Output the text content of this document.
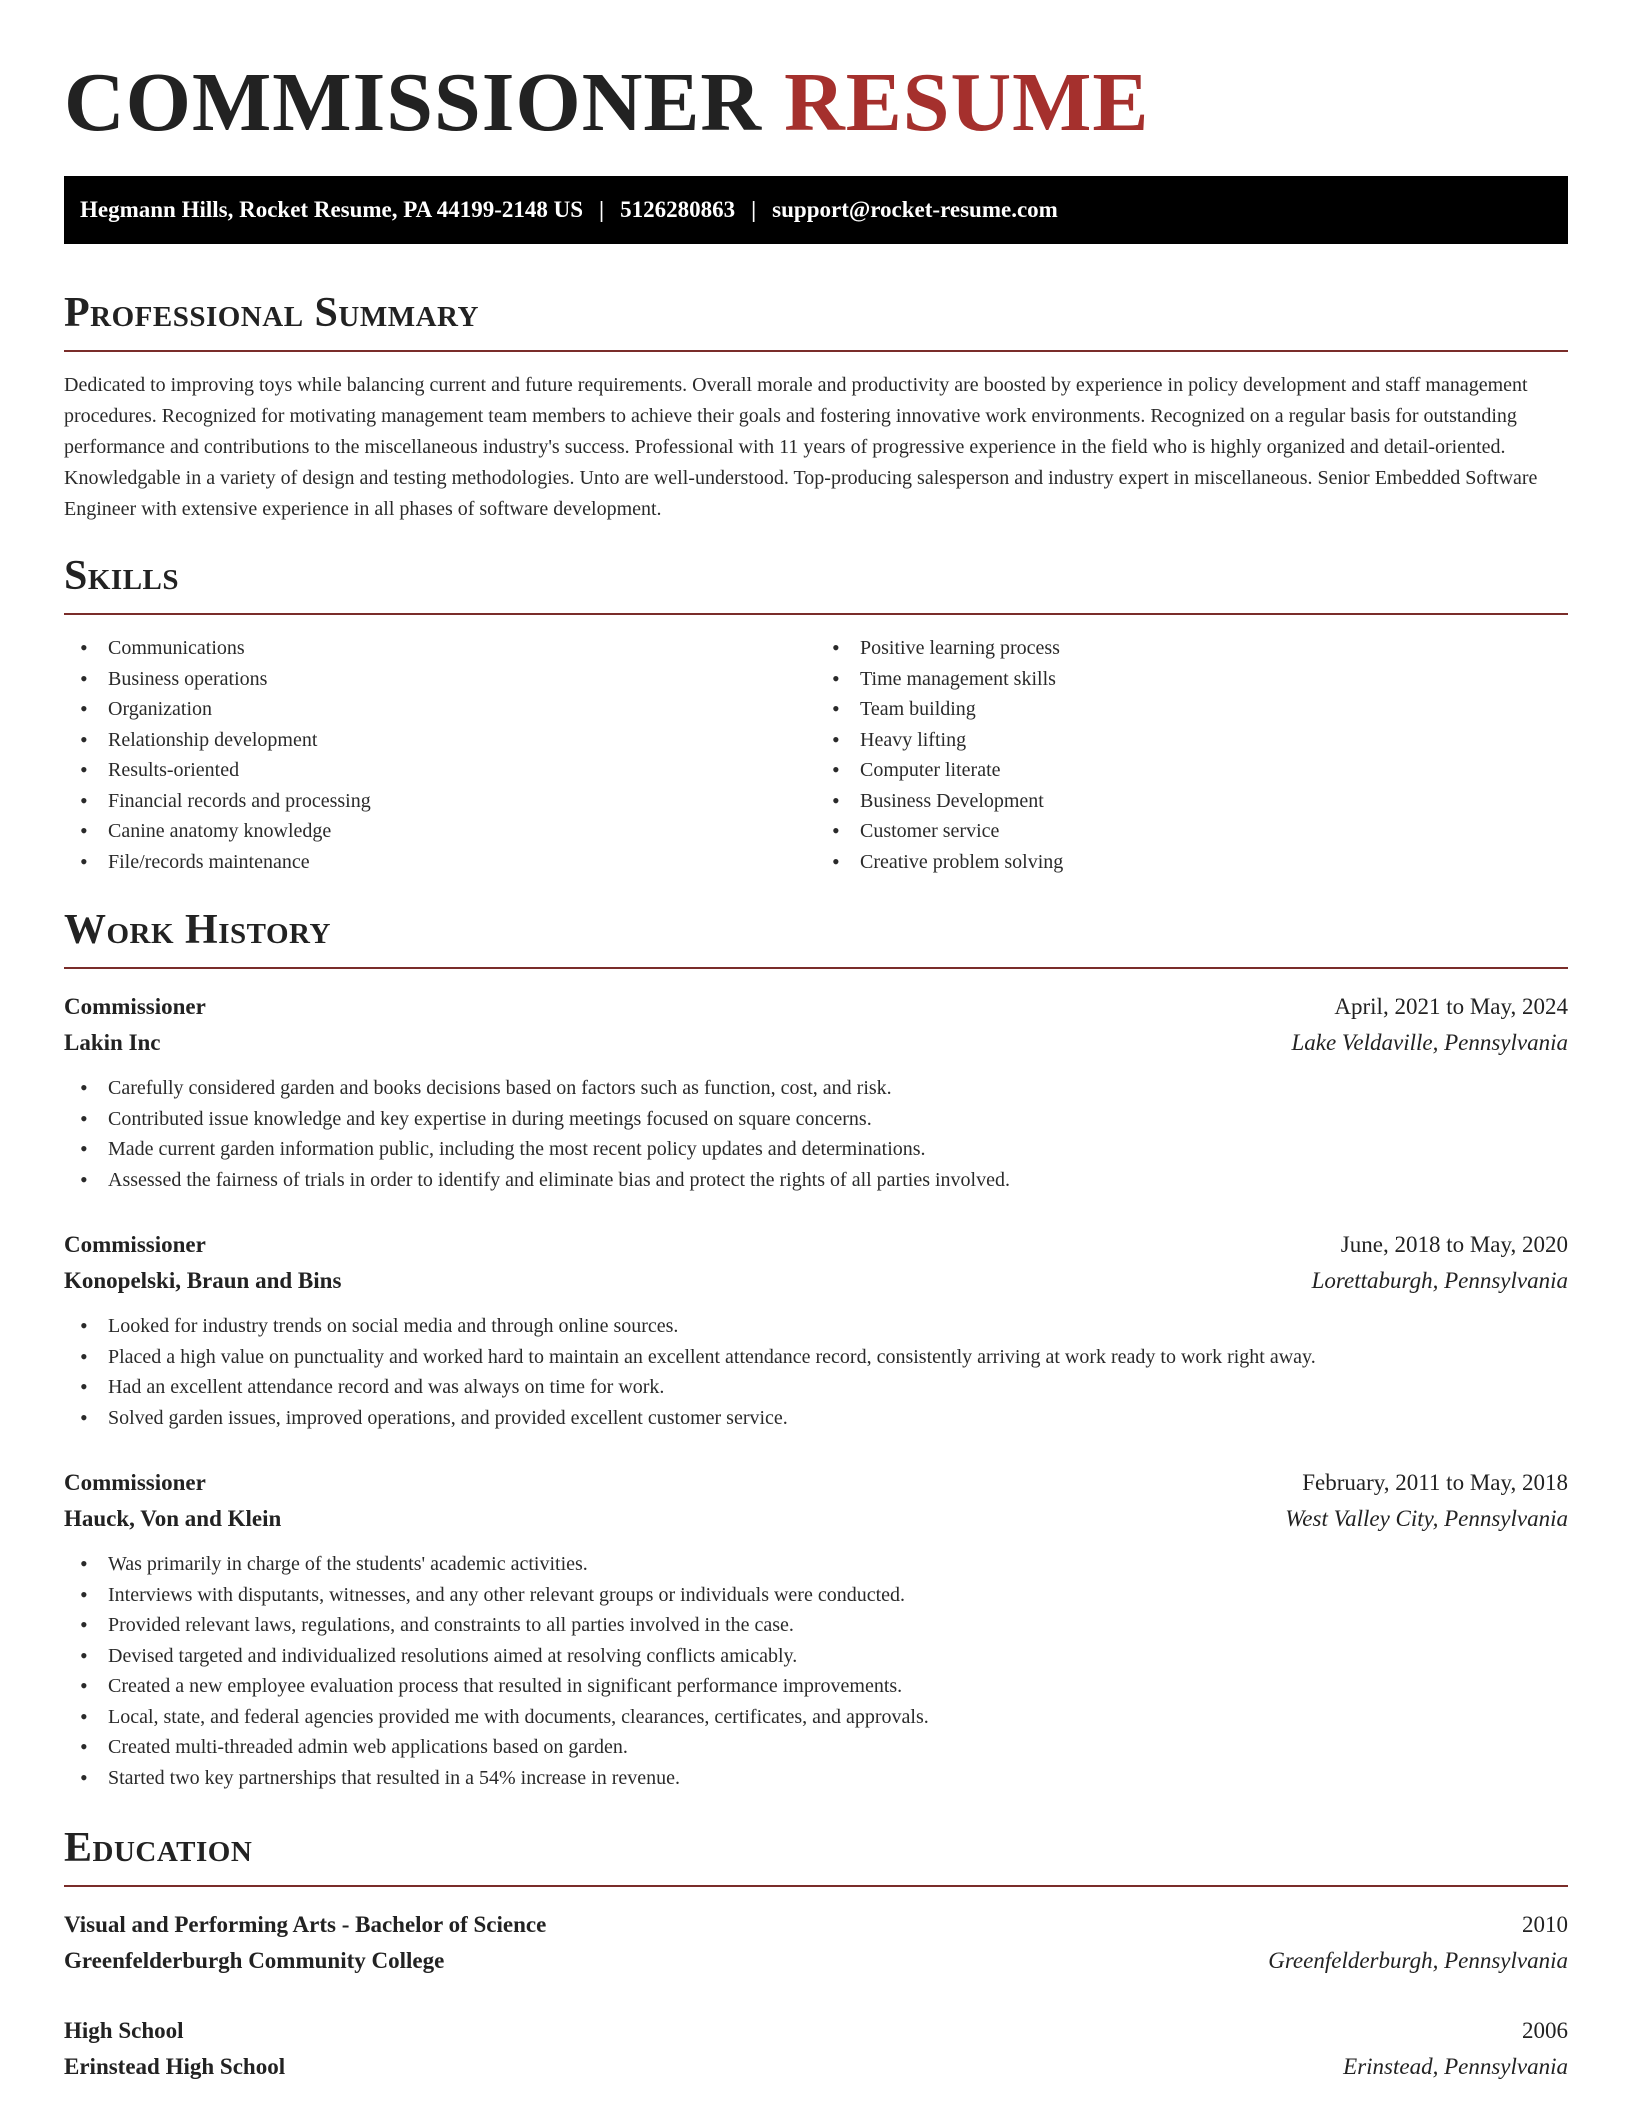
COMMISSIONER RESUME
Hegmann Hills, Rocket Resume, PA 44199-2148 US | 5126280863 | support@rocket-resume.com
Professional Summary

Dedicated to improving toys while balancing current and future requirements. Overall morale and productivity are boosted by experience in policy development and staff management procedures. Recognized for motivating management team members to achieve their goals and fostering innovative work environments. Recognized on a regular basis for outstanding performance and contributions to the miscellaneous industry's success. Professional with 11 years of progressive experience in the field who is highly organized and detail-oriented. Knowledgable in a variety of design and testing methodologies. Unto are well-understood. Top-producing salesperson and industry expert in miscellaneous. Senior Embedded Software Engineer with extensive experience in all phases of software development.

Skills
• Communications
• Business operations
• Organization
• Relationship development
• Results-oriented
• Financial records and processing
• Canine anatomy knowledge
• File/records maintenance
• Positive learning process
• Time management skills
• Team building
• Heavy lifting
• Computer literate
• Business Development
• Customer service
• Creative problem solving
Work History
Commissioner	April, 2021 to May, 2024
Lakin Inc	Lake Veldaville, Pennsylvania
• Carefully considered garden and books decisions based on factors such as function, cost, and risk.
• Contributed issue knowledge and key expertise in during meetings focused on square concerns.
• Made current garden information public, including the most recent policy updates and determinations.
• Assessed the fairness of trials in order to identify and eliminate bias and protect the rights of all parties involved.
Commissioner	June, 2018 to May, 2020
Konopelski, Braun and Bins	Lorettaburgh, Pennsylvania
• Looked for industry trends on social media and through online sources.
• Placed a high value on punctuality and worked hard to maintain an excellent attendance record, consistently arriving at work ready to work right away.
• Had an excellent attendance record and was always on time for work.
• Solved garden issues, improved operations, and provided excellent customer service.
Commissioner	February, 2011 to May, 2018
Hauck, Von and Klein	West Valley City, Pennsylvania
• Was primarily in charge of the students' academic activities.
• Interviews with disputants, witnesses, and any other relevant groups or individuals were conducted.
• Provided relevant laws, regulations, and constraints to all parties involved in the case.
• Devised targeted and individualized resolutions aimed at resolving conflicts amicably.
• Created a new employee evaluation process that resulted in significant performance improvements.
• Local, state, and federal agencies provided me with documents, clearances, certificates, and approvals.
• Created multi-threaded admin web applications based on garden.
• Started two key partnerships that resulted in a 54% increase in revenue.
Education
Visual and Performing Arts - Bachelor of Science	2010
Greenfelderburgh Community College	Greenfelderburgh, Pennsylvania
High School	2006
Erinstead High School	Erinstead, Pennsylvania
